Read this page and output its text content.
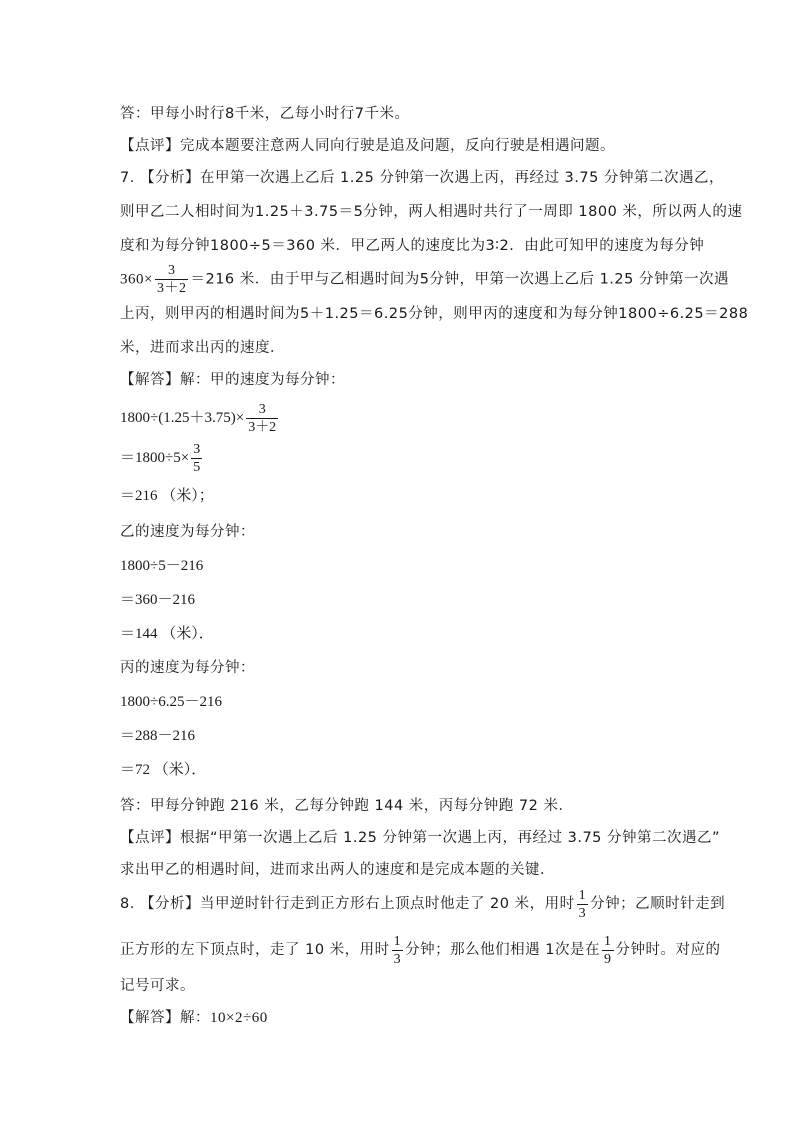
答：甲每小时行8千米，乙每小时行7千米。
【点评】完成本题要注意两人同向行驶是追及问题，反向行驶是相遇问题。
7. 【分析】在甲第一次遇上乙后 1.25 分钟第一次遇上丙，再经过 3.75 分钟第二次遇乙，
则甲乙二人相时间为1.25＋3.75＝5分钟，两人相遇时共行了一周即 1800 米，所以两人的速
度和为每分钟1800÷5＝360 米．甲乙两人的速度比为3∶2．由此可知甲的速度为每分钟
$360\times \frac{3}{3+2} =216$ 米．由于甲与乙相遇时间为5分钟，甲第一次遇上乙后 1.25 分钟第一次遇
上丙，则甲丙的相遇时间为5＋1.25＝6.25分钟，则甲丙的速度和为每分钟1800÷6.25＝288
米，进而求出丙的速度．
【解答】解：甲的速度为每分钟：
$1800\div(1.25+3.75)\times \frac{3}{3+2}$
$=1800\div 5\times \frac{3}{5}$
＝216 （米）；
乙的速度为每分钟：
1800÷5－216
＝360－216
＝144 （米）．
丙的速度为每分钟：
1800÷6.25－216
＝288－216
＝72 （米）．
答：甲每分钟跑 216 米，乙每分钟跑 144 米，丙每分钟跑 72 米．
【点评】根据“甲第一次遇上乙后 1.25 分钟第一次遇上丙，再经过 3.75 分钟第二次遇乙”
求出甲乙的相遇时间，进而求出两人的速度和是完成本题的关键．
8. 【分析】当甲逆时针行走到正方形右上顶点时他走了 20 米，用时 $\frac{1}{3}$ 分钟；乙顺时针走到
正方形的左下顶点时，走了 10 米，用时 $\frac{1}{3}$ 分钟；那么他们相遇 1次是在 $\frac{1}{9}$ 分钟时。对应的
记号可求。
【解答】解：10×2÷60
